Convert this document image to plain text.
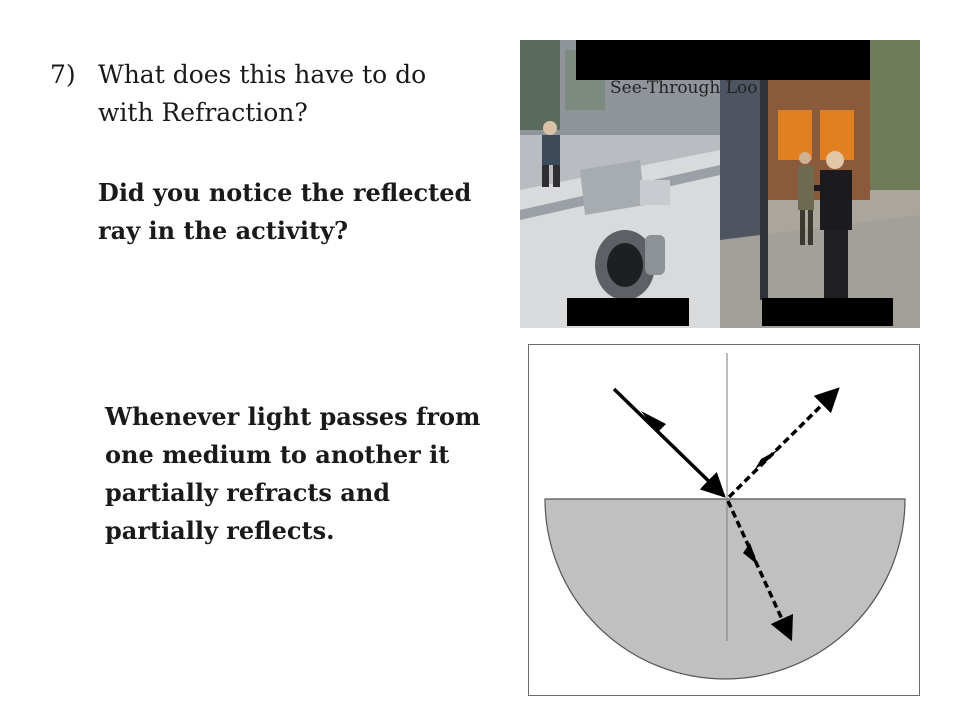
7) What does this have to do with Refraction?
Did you notice the reflected ray in the activity?
Whenever light passes from one medium to another it partially refracts and partially reflects.
See-Through Loo
